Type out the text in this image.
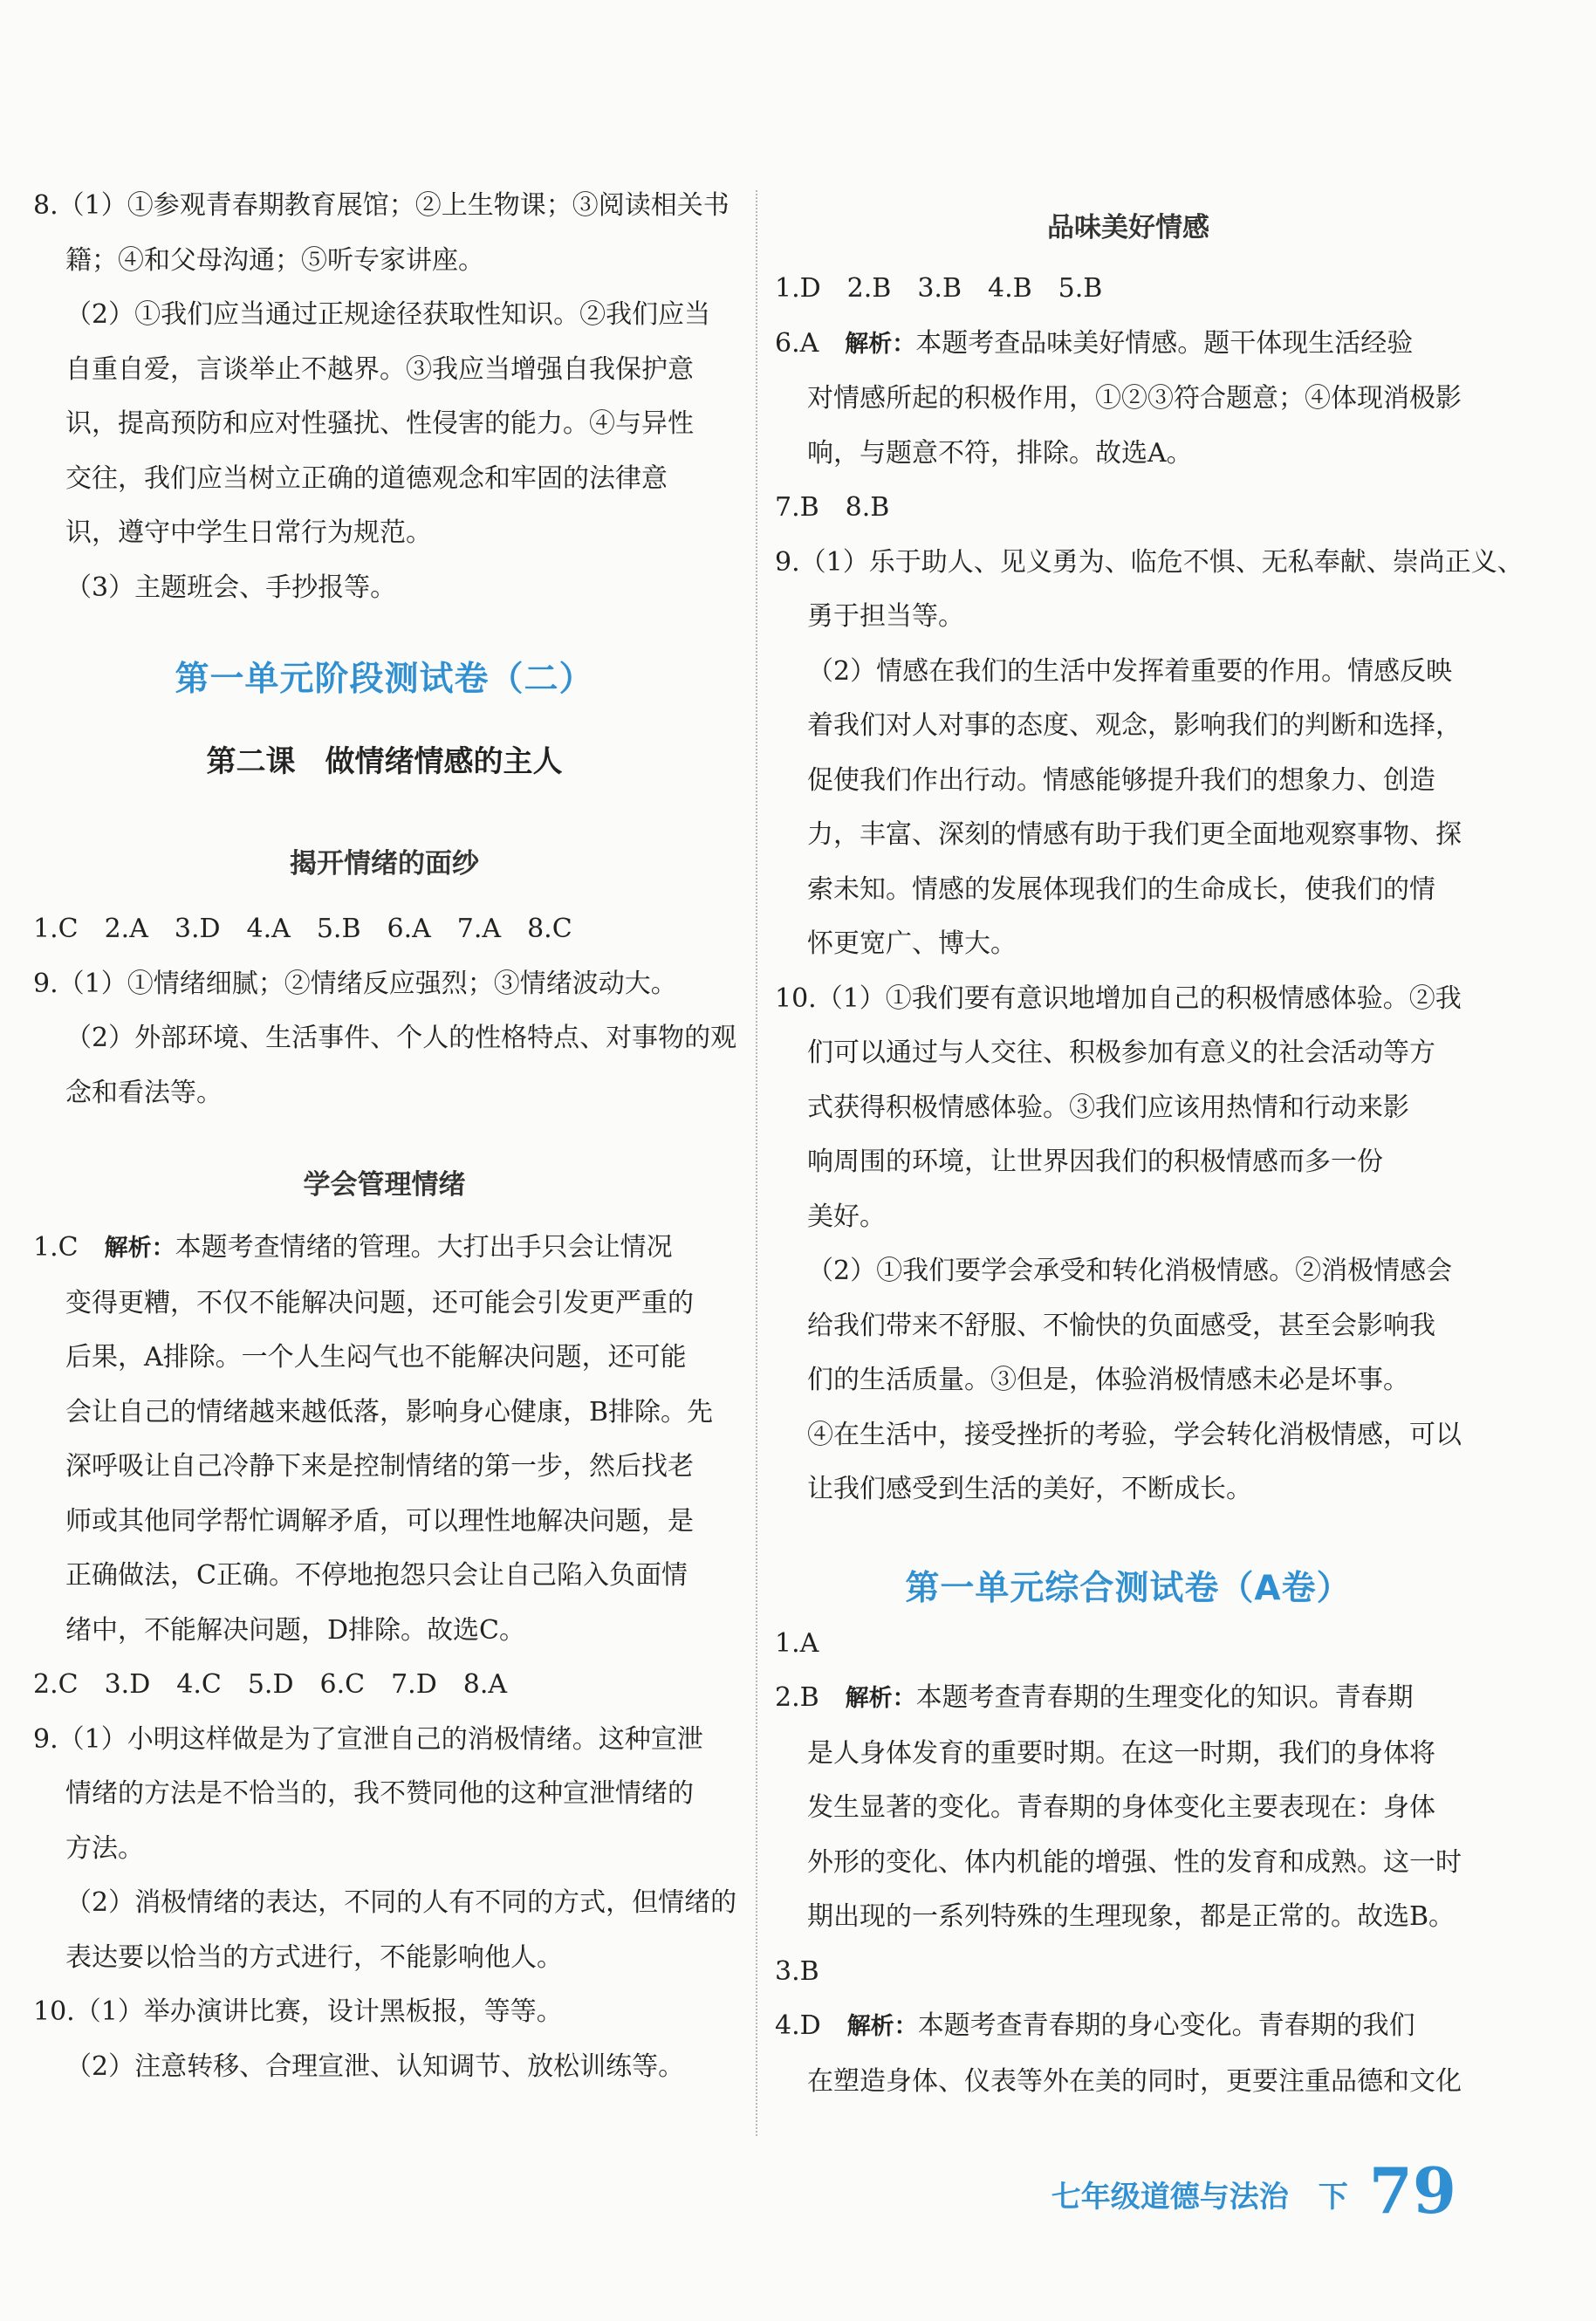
8.（1）①参观青春期教育展馆；②上生物课；③阅读相关书

籍；④和父母沟通；⑤听专家讲座。

（2）①我们应当通过正规途径获取性知识。②我们应当

自重自爱，言谈举止不越界。③我应当增强自我保护意

识，提高预防和应对性骚扰、性侵害的能力。④与异性

交往，我们应当树立正确的道德观念和牢固的法律意

识，遵守中学生日常行为规范。

（3）主题班会、手抄报等。

第一单元阶段测试卷（二）
第二课　做情绪情感的主人
揭开情绪的面纱

1.C　2.A　3.D　4.A　5.B　6.A　7.A　8.C

9.（1）①情绪细腻；②情绪反应强烈；③情绪波动大。

（2）外部环境、生活事件、个人的性格特点、对事物的观

念和看法等。

学会管理情绪

1.C　 解析：本题考查情绪的管理。大打出手只会让情况

变得更糟，不仅不能解决问题，还可能会引发更严重的

后果，A排除。一个人生闷气也不能解决问题，还可能

会让自己的情绪越来越低落，影响身心健康，B排除。先

深呼吸让自己冷静下来是控制情绪的第一步，然后找老

师或其他同学帮忙调解矛盾，可以理性地解决问题，是

正确做法，C正确。不停地抱怨只会让自己陷入负面情

绪中，不能解决问题，D排除。故选C。

2.C　3.D　4.C　5.D　6.C　7.D　8.A

9.（1）小明这样做是为了宣泄自己的消极情绪。这种宣泄

情绪的方法是不恰当的，我不赞同他的这种宣泄情绪的

方法。

（2）消极情绪的表达，不同的人有不同的方式，但情绪的

表达要以恰当的方式进行，不能影响他人。

10.（1）举办演讲比赛，设计黑板报，等等。

（2）注意转移、合理宣泄、认知调节、放松训练等。

品味美好情感

1.D　2.B　3.B　4.B　5.B

6.A　 解析：本题考查品味美好情感。题干体现生活经验

对情感所起的积极作用，①②③符合题意；④体现消极影

响，与题意不符，排除。故选A。

7.B　8.B

9.（1）乐于助人、见义勇为、临危不惧、无私奉献、崇尚正义、

勇于担当等。

（2）情感在我们的生活中发挥着重要的作用。情感反映

着我们对人对事的态度、观念，影响我们的判断和选择，

促使我们作出行动。情感能够提升我们的想象力、创造

力，丰富、深刻的情感有助于我们更全面地观察事物、探

索未知。情感的发展体现我们的生命成长，使我们的情

怀更宽广、博大。

10.（1）①我们要有意识地增加自己的积极情感体验。②我

们可以通过与人交往、积极参加有意义的社会活动等方

式获得积极情感体验。③我们应该用热情和行动来影

响周围的环境，让世界因我们的积极情感而多一份

美好。

（2）①我们要学会承受和转化消极情感。②消极情感会

给我们带来不舒服、不愉快的负面感受，甚至会影响我

们的生活质量。③但是，体验消极情感未必是坏事。

④在生活中，接受挫折的考验，学会转化消极情感，可以

让我们感受到生活的美好，不断成长。

第一单元综合测试卷（A卷）

1.A

2.B　 解析：本题考查青春期的生理变化的知识。青春期

是人身体发育的重要时期。在这一时期，我们的身体将

发生显著的变化。青春期的身体变化主要表现在：身体

外形的变化、体内机能的增强、性的发育和成熟。这一时

期出现的一系列特殊的生理现象，都是正常的。故选B。

3.B

4.D　 解析：本题考查青春期的身心变化。青春期的我们

在塑造身体、仪表等外在美的同时，更要注重品德和文化

七年级道德与法治　下 79
